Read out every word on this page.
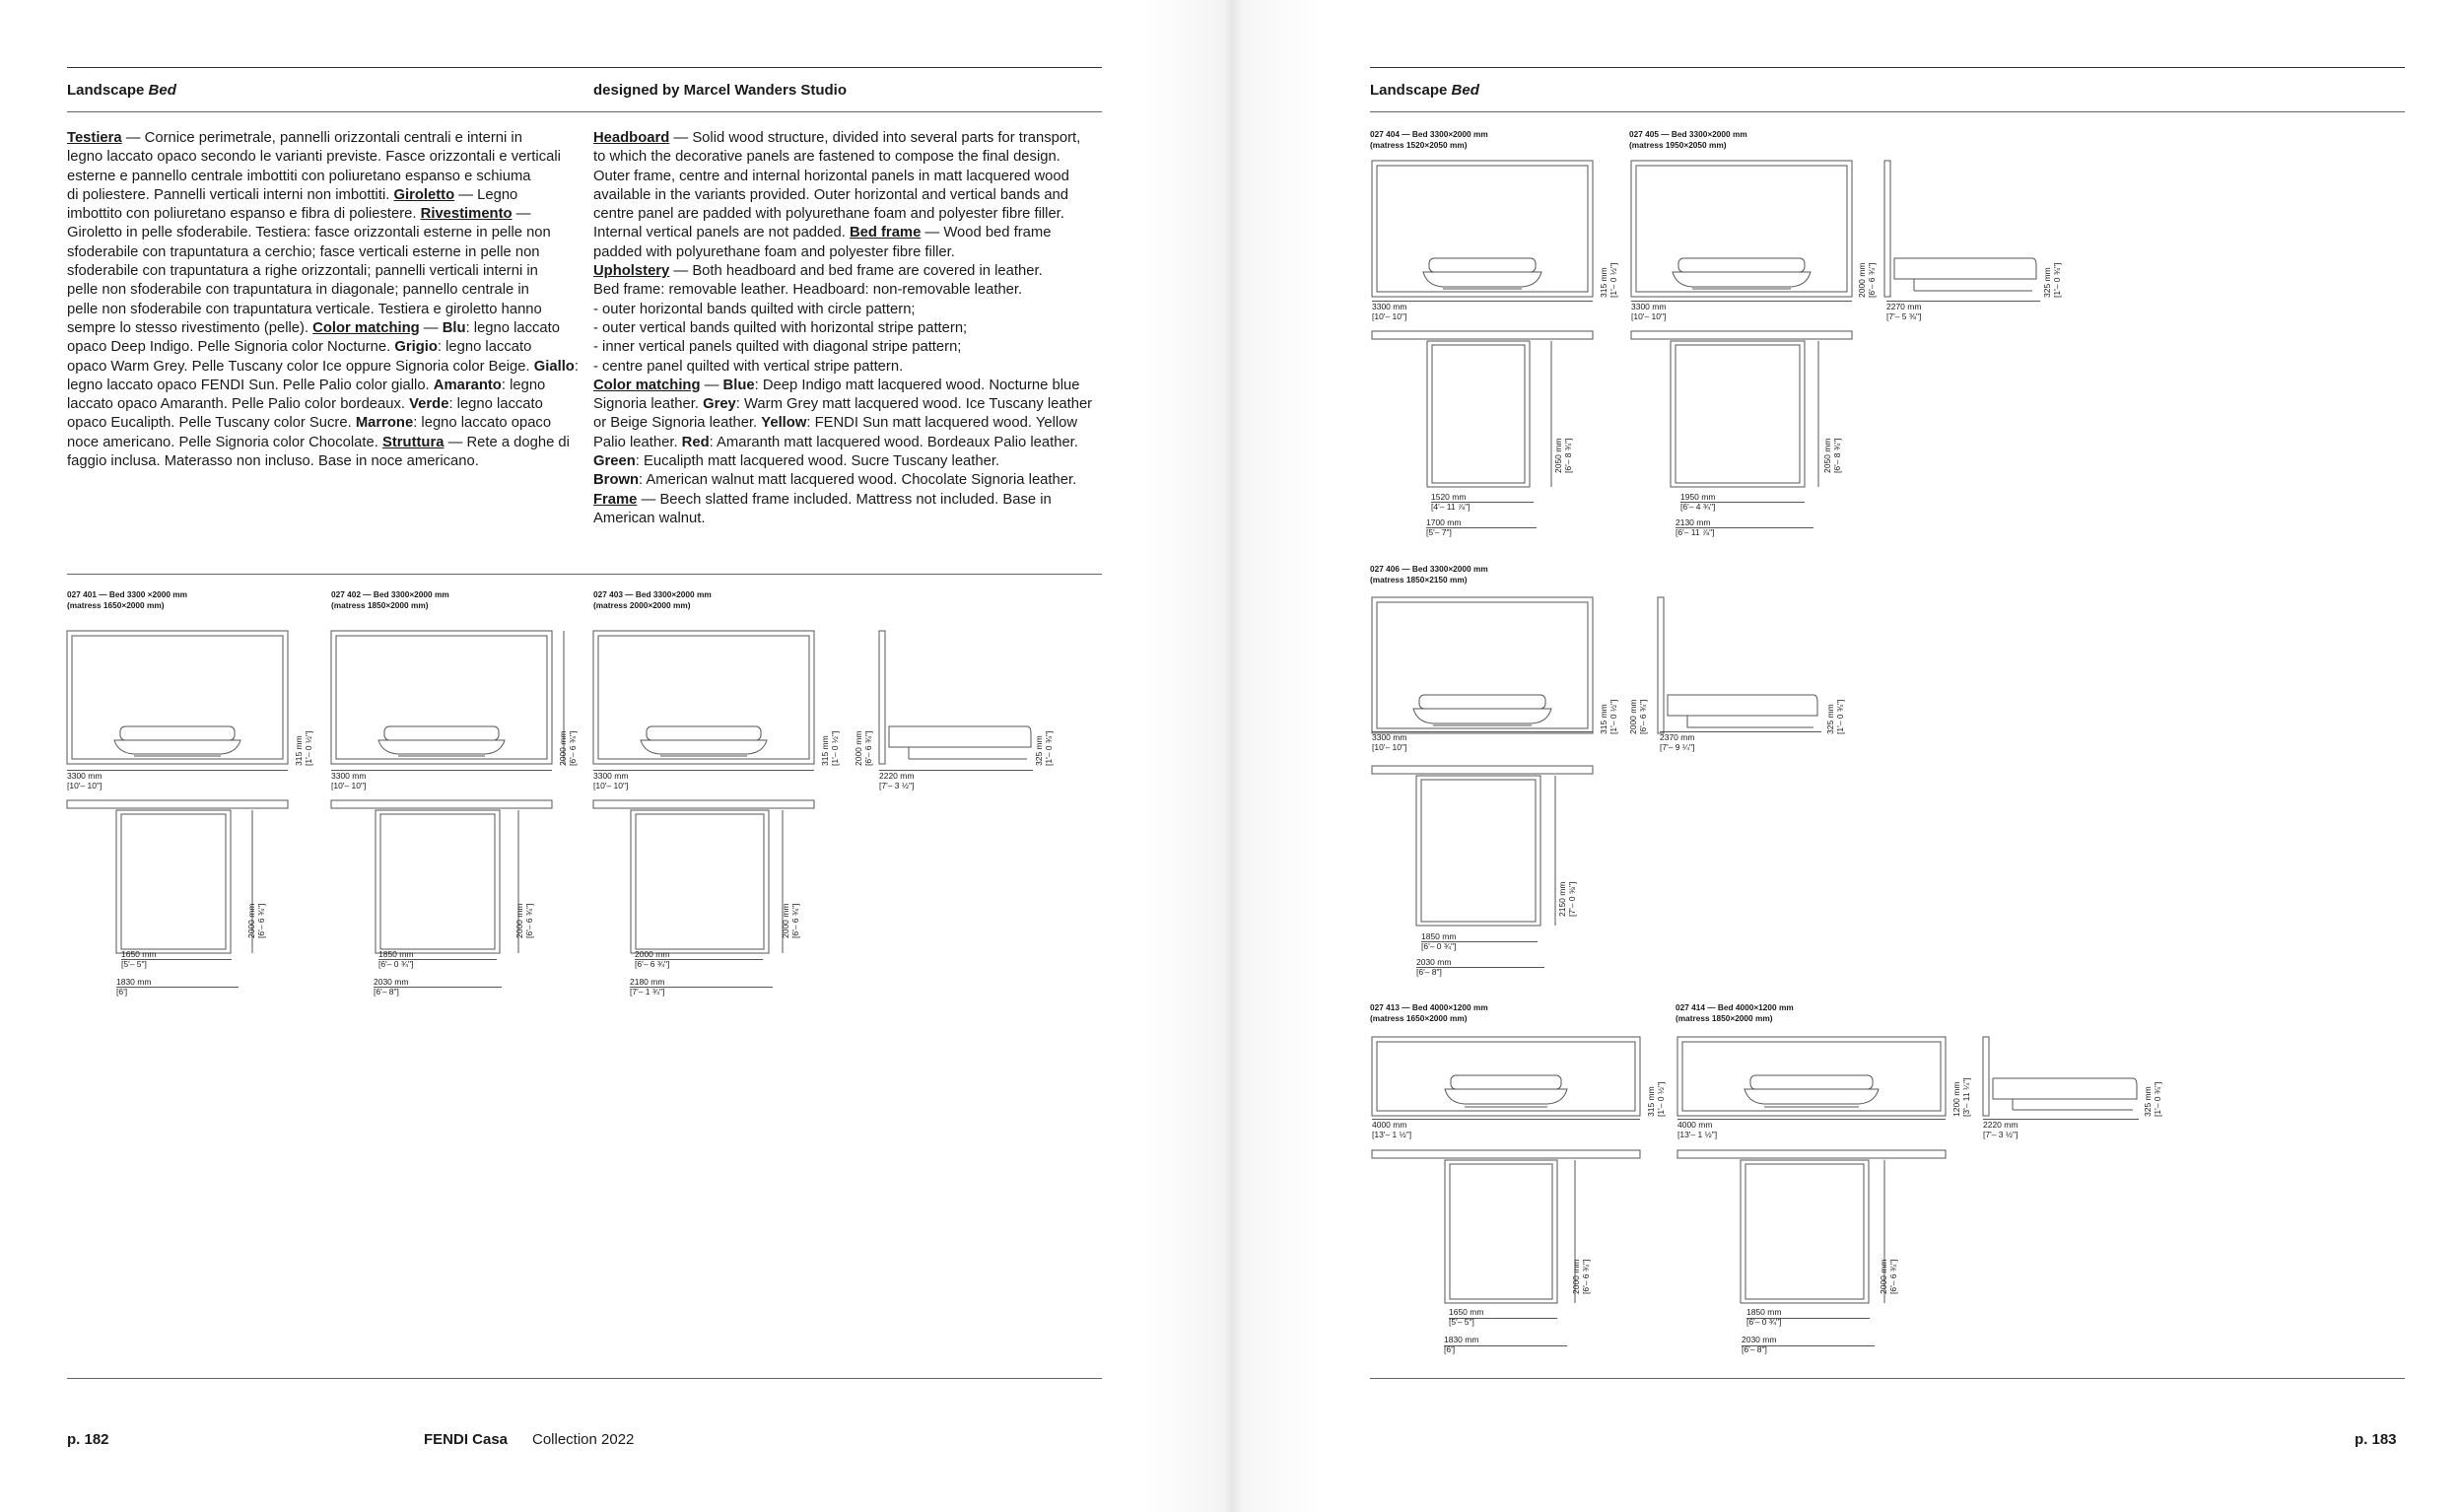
Landscape Bed	designed by Marcel Wanders Studio
Testiera — Cornice perimetrale, pannelli orizzontali centrali e interni in
legno laccato opaco secondo le varianti previste. Fasce orizzontali e verticali
esterne e pannello centrale imbottiti con poliuretano espanso e schiuma
di poliestere. Pannelli verticali interni non imbottiti. Giroletto — Legno
imbottito con poliuretano espanso e fibra di poliestere. Rivestimento —
Giroletto in pelle sfoderabile. Testiera: fasce orizzontali esterne in pelle non
sfoderabile con trapuntatura a cerchio; fasce verticali esterne in pelle non
sfoderabile con trapuntatura a righe orizzontali; pannelli verticali interni in
pelle non sfoderabile con trapuntatura in diagonale; pannello centrale in
pelle non sfoderabile con trapuntatura verticale. Testiera e giroletto hanno
sempre lo stesso rivestimento (pelle). Color matching — Blu: legno laccato
opaco Deep Indigo. Pelle Signoria color Nocturne. Grigio: legno laccato
opaco Warm Grey. Pelle Tuscany color Ice oppure Signoria color Beige. Giallo:
legno laccato opaco FENDI Sun. Pelle Palio color giallo. Amaranto: legno
laccato opaco Amaranth. Pelle Palio color bordeaux. Verde: legno laccato
opaco Eucalipth. Pelle Tuscany color Sucre. Marrone: legno laccato opaco
noce americano. Pelle Signoria color Chocolate. Struttura — Rete a doghe di
faggio inclusa. Materasso non incluso. Base in noce americano.
Headboard — Solid wood structure, divided into several parts for transport,
to which the decorative panels are fastened to compose the final design.
Outer frame, centre and internal horizontal panels in matt lacquered wood
available in the variants provided. Outer horizontal and vertical bands and
centre panel are padded with polyurethane foam and polyester fibre filler.
Internal vertical panels are not padded. Bed frame — Wood bed frame
padded with polyurethane foam and polyester fibre filler.
Upholstery — Both headboard and bed frame are covered in leather.
Bed frame: removable leather. Headboard: non-removable leather.
- outer horizontal bands quilted with circle pattern;
- outer vertical bands quilted with horizontal stripe pattern;
- inner vertical panels quilted with diagonal stripe pattern;
- centre panel quilted with vertical stripe pattern.
Color matching — Blue: Deep Indigo matt lacquered wood. Nocturne blue
Signoria leather. Grey: Warm Grey matt lacquered wood. Ice Tuscany leather
or Beige Signoria leather. Yellow: FENDI Sun matt lacquered wood. Yellow
Palio leather. Red: Amaranth matt lacquered wood. Bordeaux Palio leather.
Green: Eucalipth matt lacquered wood. Sucre Tuscany leather.
Brown: American walnut matt lacquered wood. Chocolate Signoria leather.
Frame — Beech slatted frame included. Mattress not included. Base in
American walnut.
027 401 — Bed 3300 ×2000 mm
(matress 1650×2000 mm)
027 402 — Bed 3300×2000 mm
(matress 1850×2000 mm)
027 403 — Bed 3300×2000 mm
(matress 2000×2000 mm)
315 mm [1'– 0 ½"]
3300 mm
[10'– 10"]
2000 mm [6'– 6 ¾"]
1650 mm
[5'– 5"]
1830 mm
[6']
2000 mm [6'– 6 ¾"]
3300 mm
[10'– 10"]
2000 mm [6'– 6 ¾"]
1850 mm
[6'– 0 ¾"]
2030 mm
[6'– 8"]
315 mm [1'– 0 ½"] 2000 mm [6'– 6 ¾"]	325 mm [1'– 0 ¾"]
3300 mm
[10'– 10"]
2220 mm
[7'– 3 ½"]
2000 mm [6'– 6 ¾"]
2000 mm
[6'– 6 ¾"]
2180 mm
[7'– 1 ¾"]
Landscape Bed
027 404 — Bed 3300×2000 mm
(matress 1520×2050 mm)
315 mm [1'– 0 ½"]
3300 mm
[10'– 10"]
2050 mm [6'– 8 ¾"]
1520 mm
[4'– 11 ⅞"]
1700 mm
[5'– 7"]
027 405 — Bed 3300×2000 mm
(matress 1950×2050 mm)
2000 mm [6'– 6 ¾"]	325 mm [1'– 0 ¾"]
3300 mm
[10'– 10"]
2270 mm
[7'– 5 ⅜"]
2050 mm [6'– 8 ¾"]
1950 mm
[6'– 4 ¾"]
2130 mm
[6'– 11 ⅞"]
027 406 — Bed 3300×2000 mm
(matress 1850×2150 mm)
315 mm [1'– 0 ½"] 2000 mm [6'– 6 ¾"]	325 mm [1'– 0 ¾"]
3300 mm
[10'– 10"]
2370 mm
[7'– 9 ¼"]
2150 mm [7'– 0 ⅝"]
1850 mm
[6'– 0 ¾"]
2030 mm
[6'– 8"]
027 413 — Bed 4000×1200 mm
(matress 1650×2000 mm)
315 mm [1'– 0 ½"]
4000 mm
[13'– 1 ½"]
2000 mm [6'– 6 ¾"]
1650 mm
[5'– 5"]
1830 mm
[6']
027 414 — Bed 4000×1200 mm
(matress 1850×2000 mm)
1200 mm [3'– 11 ¼"]	325 mm [1'– 0 ¾"]
4000 mm
[13'– 1 ½"]
2220 mm
[7'– 3 ½"]
2000 mm [6'– 6 ¾"]
1850 mm
[6'– 0 ¾"]
2030 mm
[6'– 8"]
p. 182	FENDI Casa Collection 2022	p. 183
